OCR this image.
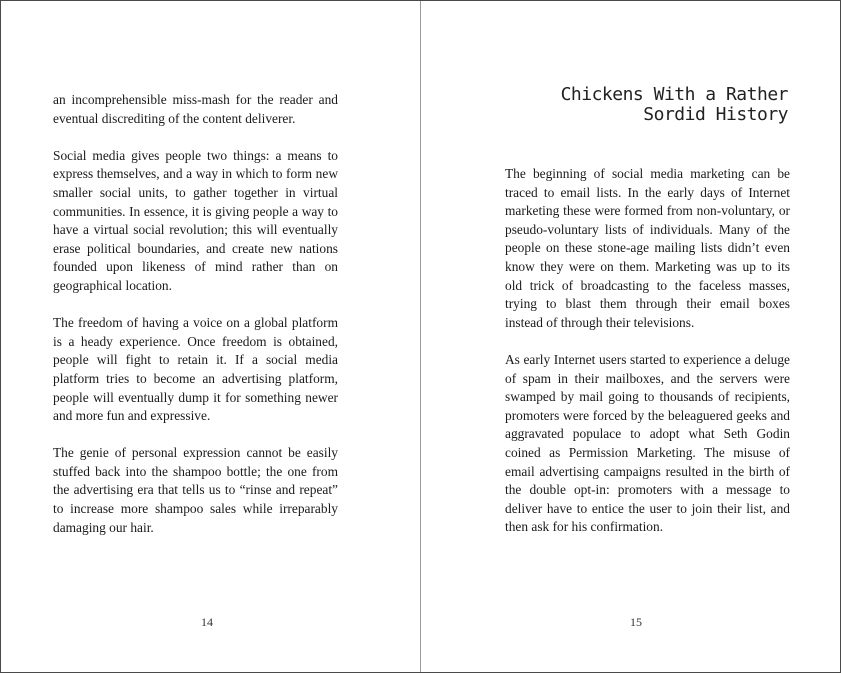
an incomprehensible miss-mash for the reader and eventual discrediting of the content deliverer.

Social media gives people two things: a means to express themselves, and a way in which to form new smaller social units, to gather together in virtual communities. In essence, it is giving people a way to have a virtual social revolution; this will eventually erase political boundaries, and create new nations founded upon likeness of mind rather than on geographical location.

The freedom of having a voice on a global platform is a heady experience. Once freedom is obtained, people will fight to retain it. If a social media platform tries to become an advertising platform, people will eventually dump it for something newer and more fun and expressive.

The genie of personal expression cannot be easily stuffed back into the shampoo bottle; the one from the advertising era that tells us to “rinse and repeat” to increase more shampoo sales while irreparably damaging our hair.

14
Chickens With a Rather
Sordid History

The beginning of social media marketing can be traced to email lists. In the early days of Internet marketing these were formed from non-voluntary, or pseudo-voluntary lists of individuals. Many of the people on these stone-age mailing lists didn’t even know they were on them. Marketing was up to its old trick of broadcasting to the faceless masses, trying to blast them through their email boxes instead of through their televisions.

As early Internet users started to experience a deluge of spam in their mailboxes, and the servers were swamped by mail going to thousands of recipients, promoters were forced by the beleaguered geeks and aggravated populace to adopt what Seth Godin coined as Permission Marketing. The misuse of email advertising campaigns resulted in the birth of the double opt-in: promoters with a message to deliver have to entice the user to join their list, and then ask for his confirmation.

15
